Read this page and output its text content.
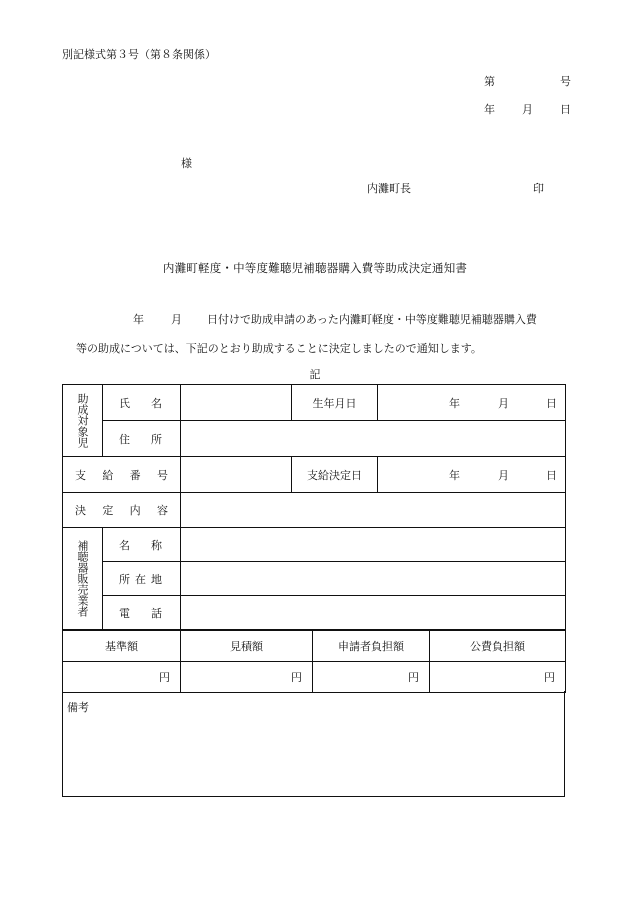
別記様式第３号（第８条関係）
第	号
年 月 日
様
内灘町長	印
内灘町軽度・中等度難聴児補聴器購入費等助成決定通知書
年 月 日付けで助成申請のあった内灘町軽度・中等度難聴児補聴器購入費
等の助成については、下記のとおり助成することに決定しましたので通知します。
記
助成対象児	氏 名		生年月日	年 月 日

	住 所			

支 給 番 号			支給決定日	年 月 日

決 定 内 容				

補聴器販売業者	名 称			

	所 在 地			

	電 話			

基準額	見積額	申請者負担額	公費負担額
円	円	円	円
備考
